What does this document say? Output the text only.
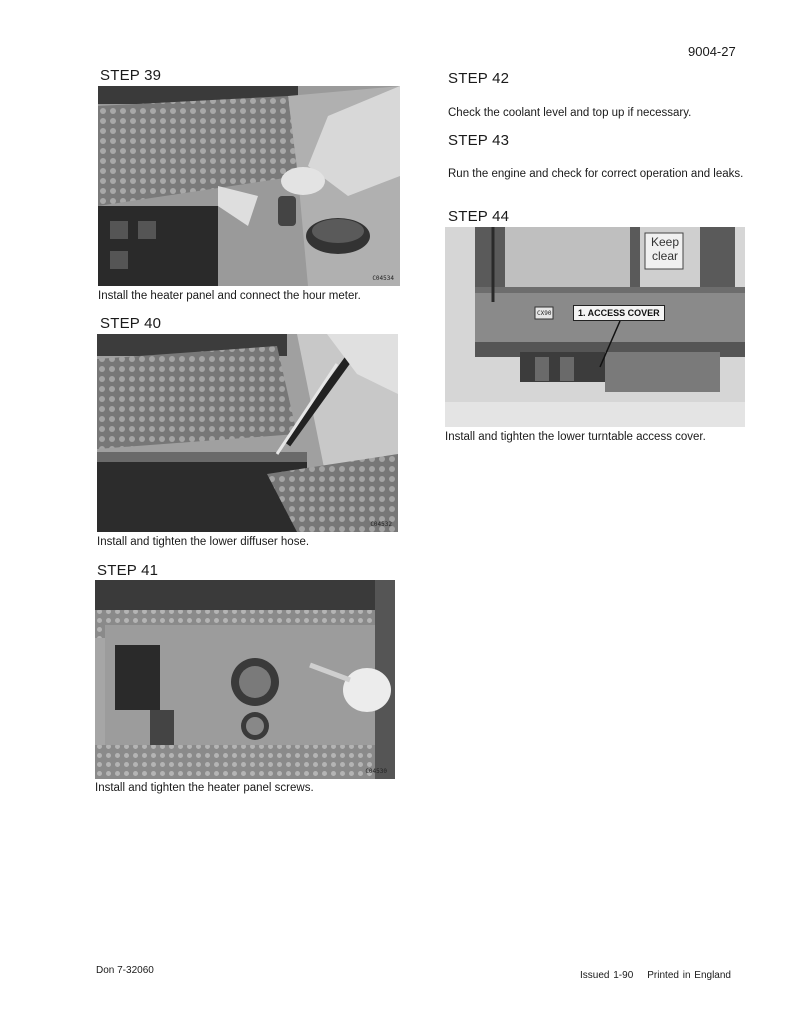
9004-27
STEP 39
C04534
Install the heater panel and connect the hour meter.
STEP 40
C04532
Install and tighten the lower diffuser hose.
STEP 41
C04530
Install and tighten the heater panel screws.
STEP 42
Check the coolant level and top up if necessary.
STEP 43
Run the engine and check for correct operation and leaks.
STEP 44
Keep
clear
CX90	1. ACCESS COVER
Install and tighten the lower turntable access cover.
Don 7-32060	Issued 1-90 Printed in England
